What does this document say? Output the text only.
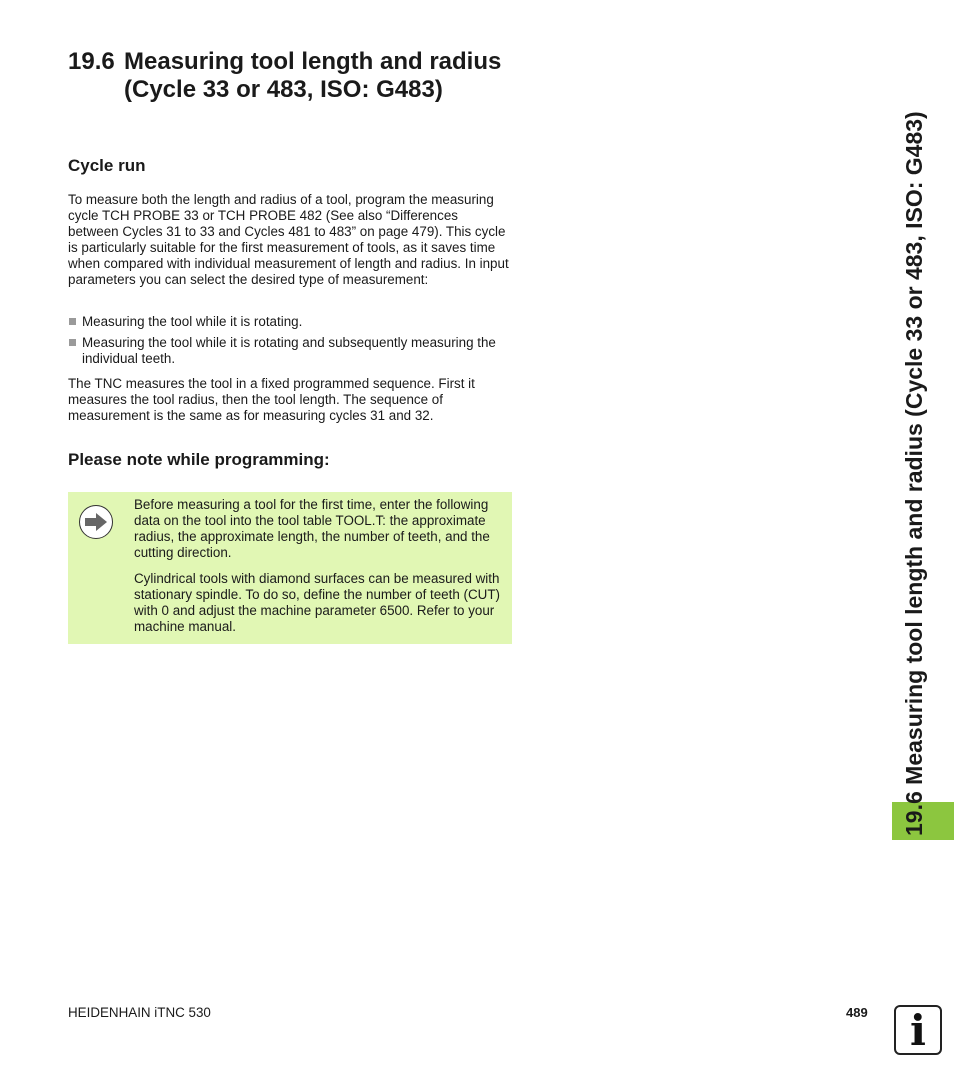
19.6 Measuring tool length and radius (Cycle 33 or 483, ISO: G483)
Cycle run

To measure both the length and radius of a tool, program the measuring cycle TCH PROBE 33 or TCH PROBE 482 (See also “Differences between Cycles 31 to 33 and Cycles 481 to 483” on page 479). This cycle is particularly suitable for the first measurement of tools, as it saves time when compared with individual measurement of length and radius. In input parameters you can select the desired type of measurement:

Measuring the tool while it is rotating.
Measuring the tool while it is rotating and subsequently measuring the individual teeth.

The TNC measures the tool in a fixed programmed sequence. First it measures the tool radius, then the tool length. The sequence of measurement is the same as for measuring cycles 31 and 32.

Please note while programming:

Before measuring a tool for the first time, enter the following data on the tool into the tool table TOOL.T: the approximate radius, the approximate length, the number of teeth, and the cutting direction.

Cylindrical tools with diamond surfaces can be measured with stationary spindle. To do so, define the number of teeth (CUT) with 0 and adjust the machine parameter 6500. Refer to your machine manual.	19.6 Measuring tool length and radius (Cycle 33 or 483, ISO: G483)
HEIDENHAIN iTNC 530	489	i
